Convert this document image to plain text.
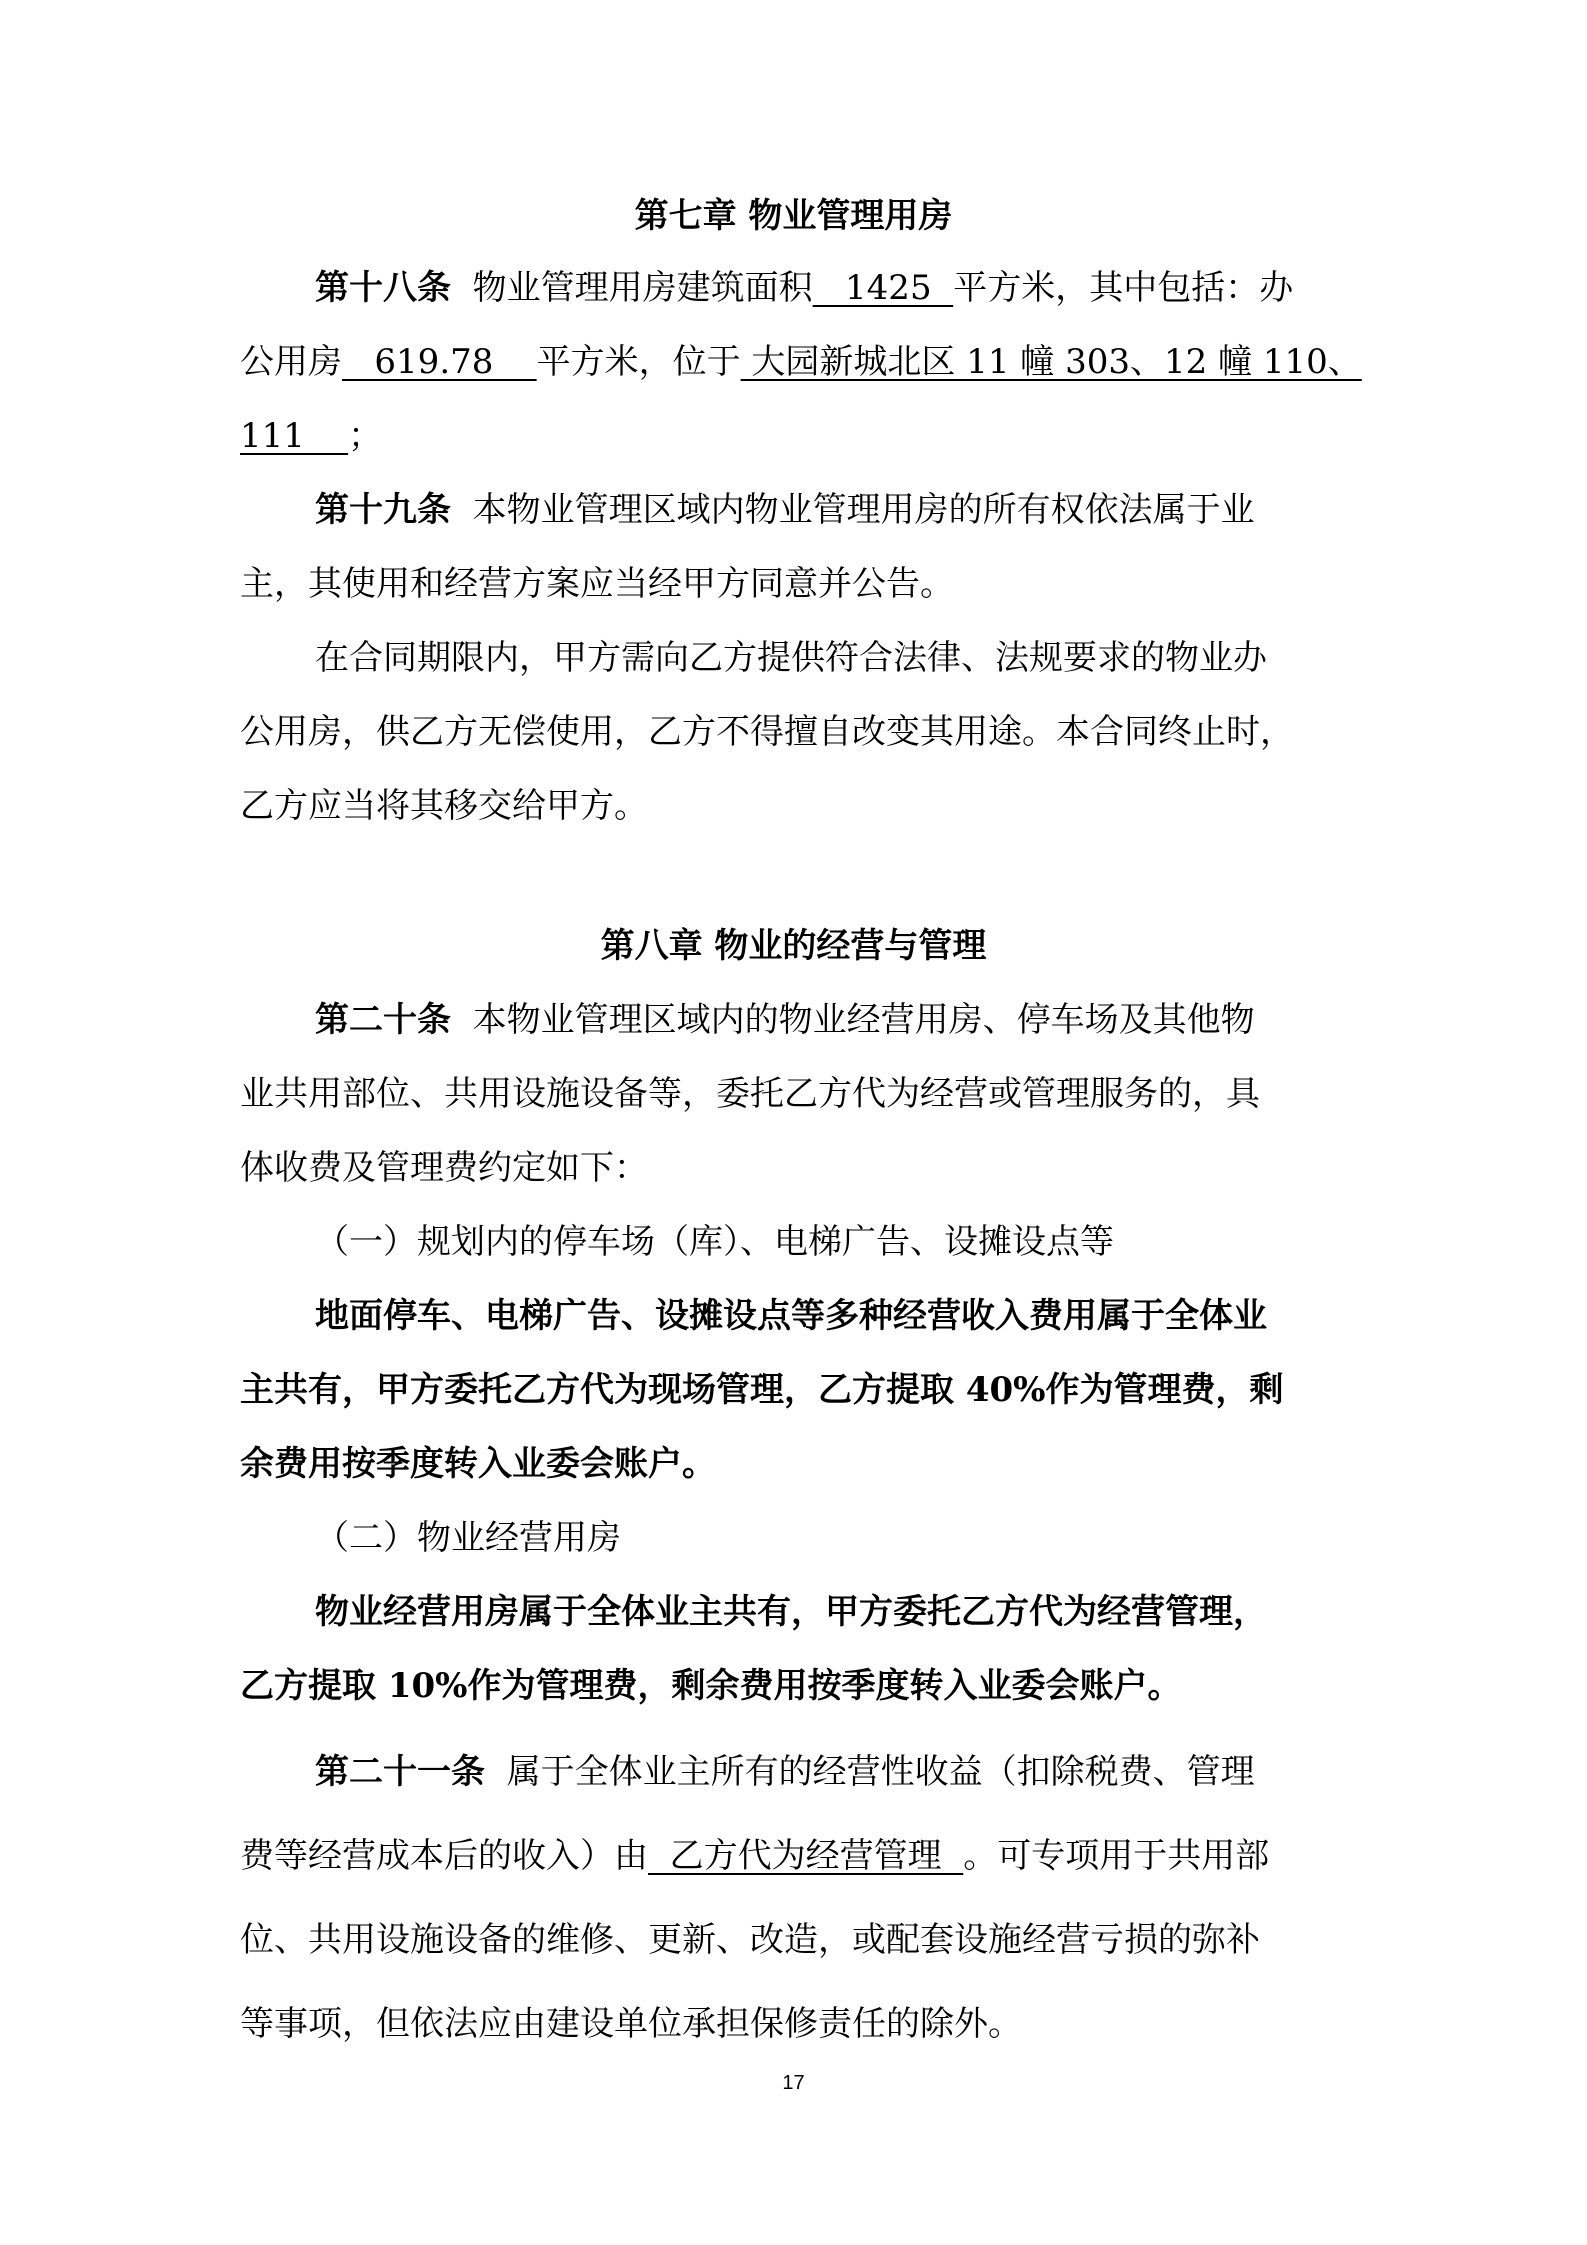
第七章 物业管理用房
第十八条 物业管理用房建筑面积   1425  平方米，其中包括：办
公用房   619.78    平方米，位于 大园新城北区 11 幢 303、12 幢 110、
111    ；
第十九条 本物业管理区域内物业管理用房的所有权依法属于业
主，其使用和经营方案应当经甲方同意并公告。
在合同期限内，甲方需向乙方提供符合法律、法规要求的物业办
公用房，供乙方无偿使用，乙方不得擅自改变其用途。本合同终止时，
乙方应当将其移交给甲方。
第八章 物业的经营与管理
第二十条 本物业管理区域内的物业经营用房、停车场及其他物
业共用部位、共用设施设备等，委托乙方代为经营或管理服务的，具
体收费及管理费约定如下：
（一）规划内的停车场（库）、电梯广告、设摊设点等
地面停车、电梯广告、设摊设点等多种经营收入费用属于全体业
主共有，甲方委托乙方代为现场管理，乙方提取 40%作为管理费，剩
余费用按季度转入业委会账户。
（二）物业经营用房
物业经营用房属于全体业主共有，甲方委托乙方代为经营管理，
乙方提取 10%作为管理费，剩余费用按季度转入业委会账户。
第二十一条 属于全体业主所有的经营性收益（扣除税费、管理
费等经营成本后的收入）由  乙方代为经营管理  。可专项用于共用部
位、共用设施设备的维修、更新、改造，或配套设施经营亏损的弥补
等事项，但依法应由建设单位承担保修责任的除外。
17
